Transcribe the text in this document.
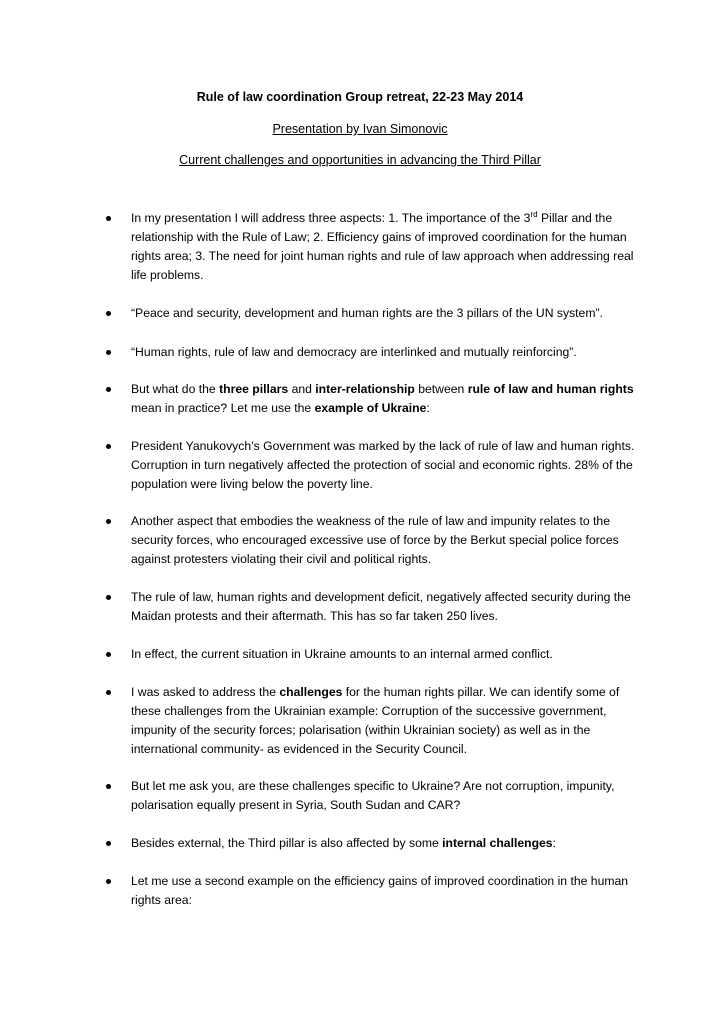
Rule of law coordination Group retreat, 22-23 May 2014
Presentation by Ivan Simonovic
Current challenges and opportunities in advancing the Third Pillar
In my presentation I will address three aspects: 1. The importance of the 3rd Pillar and the relationship with the Rule of Law; 2. Efficiency gains of improved coordination for the human rights area; 3. The need for joint human rights and rule of law approach when addressing real life problems.
“Peace and security, development and human rights are the 3 pillars of the UN system”.
“Human rights, rule of law and democracy are interlinked and mutually reinforcing”.
But what do the three pillars and inter-relationship between rule of law and human rights mean in practice? Let me use the example of Ukraine:
President Yanukovych’s Government was marked by the lack of rule of law and human rights. Corruption in turn negatively affected the protection of social and economic rights. 28% of the population were living below the poverty line.
Another aspect that embodies the weakness of the rule of law and impunity relates to the security forces, who encouraged excessive use of force by the Berkut special police forces against protesters violating their civil and political rights.
The rule of law, human rights and development deficit, negatively affected security during the Maidan protests and their aftermath. This has so far taken 250 lives.
In effect, the current situation in Ukraine amounts to an internal armed conflict.
I was asked to address the challenges for the human rights pillar. We can identify some of these challenges from the Ukrainian example: Corruption of the successive government, impunity of the security forces; polarisation (within Ukrainian society) as well as in the international community- as evidenced in the Security Council.
But let me ask you, are these challenges specific to Ukraine? Are not corruption, impunity, polarisation equally present in Syria, South Sudan and CAR?
Besides external, the Third pillar is also affected by some internal challenges:
Let me use a second example on the efficiency gains of improved coordination in the human rights area:
